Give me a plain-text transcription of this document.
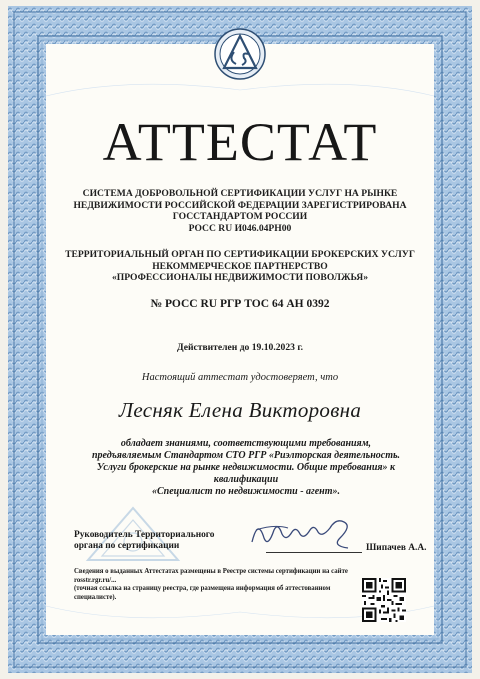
АТТЕСТАТ
СИСТЕМА ДОБРОВОЛЬНОЙ СЕРТИФИКАЦИИ УСЛУГ НА РЫНКЕ
НЕДВИЖИМОСТИ РОССИЙСКОЙ ФЕДЕРАЦИИ ЗАРЕГИСТРИРОВАНА
ГОССТАНДАРТОМ РОССИИ
РОСС RU И046.04РН00
ТЕРРИТОРИАЛЬНЫЙ ОРГАН ПО СЕРТИФИКАЦИИ БРОКЕРСКИХ УСЛУГ
НЕКОММЕРЧЕСКОЕ ПАРТНЕРСТВО
«ПРОФЕССИОНАЛЫ НЕДВИЖИМОСТИ ПОВОЛЖЬЯ»
№ РОСС RU РГР ТОС 64 АН 0392
Действителен до 19.10.2023 г.
Настоящий аттестат удостоверяет, что
Лесняк Елена Викторовна
обладает знаниями, соответствующими требованиям,
предъявляемым Стандартом СТО РГР «Риэлторская деятельность.
Услуги брокерские на рынке недвижимости. Общие требования» к
квалификации
«Специалист по недвижимости - агент».
Руководитель Территориального
органа по сертификации	Шипачев А.А.
Сведения о выданных Аттестатах размещены в Реестре системы сертификации на сайте rosstr.rgr.ru/...
(точная ссылка на страницу реестра, где размещена информация об аттестованном
специалисте).
